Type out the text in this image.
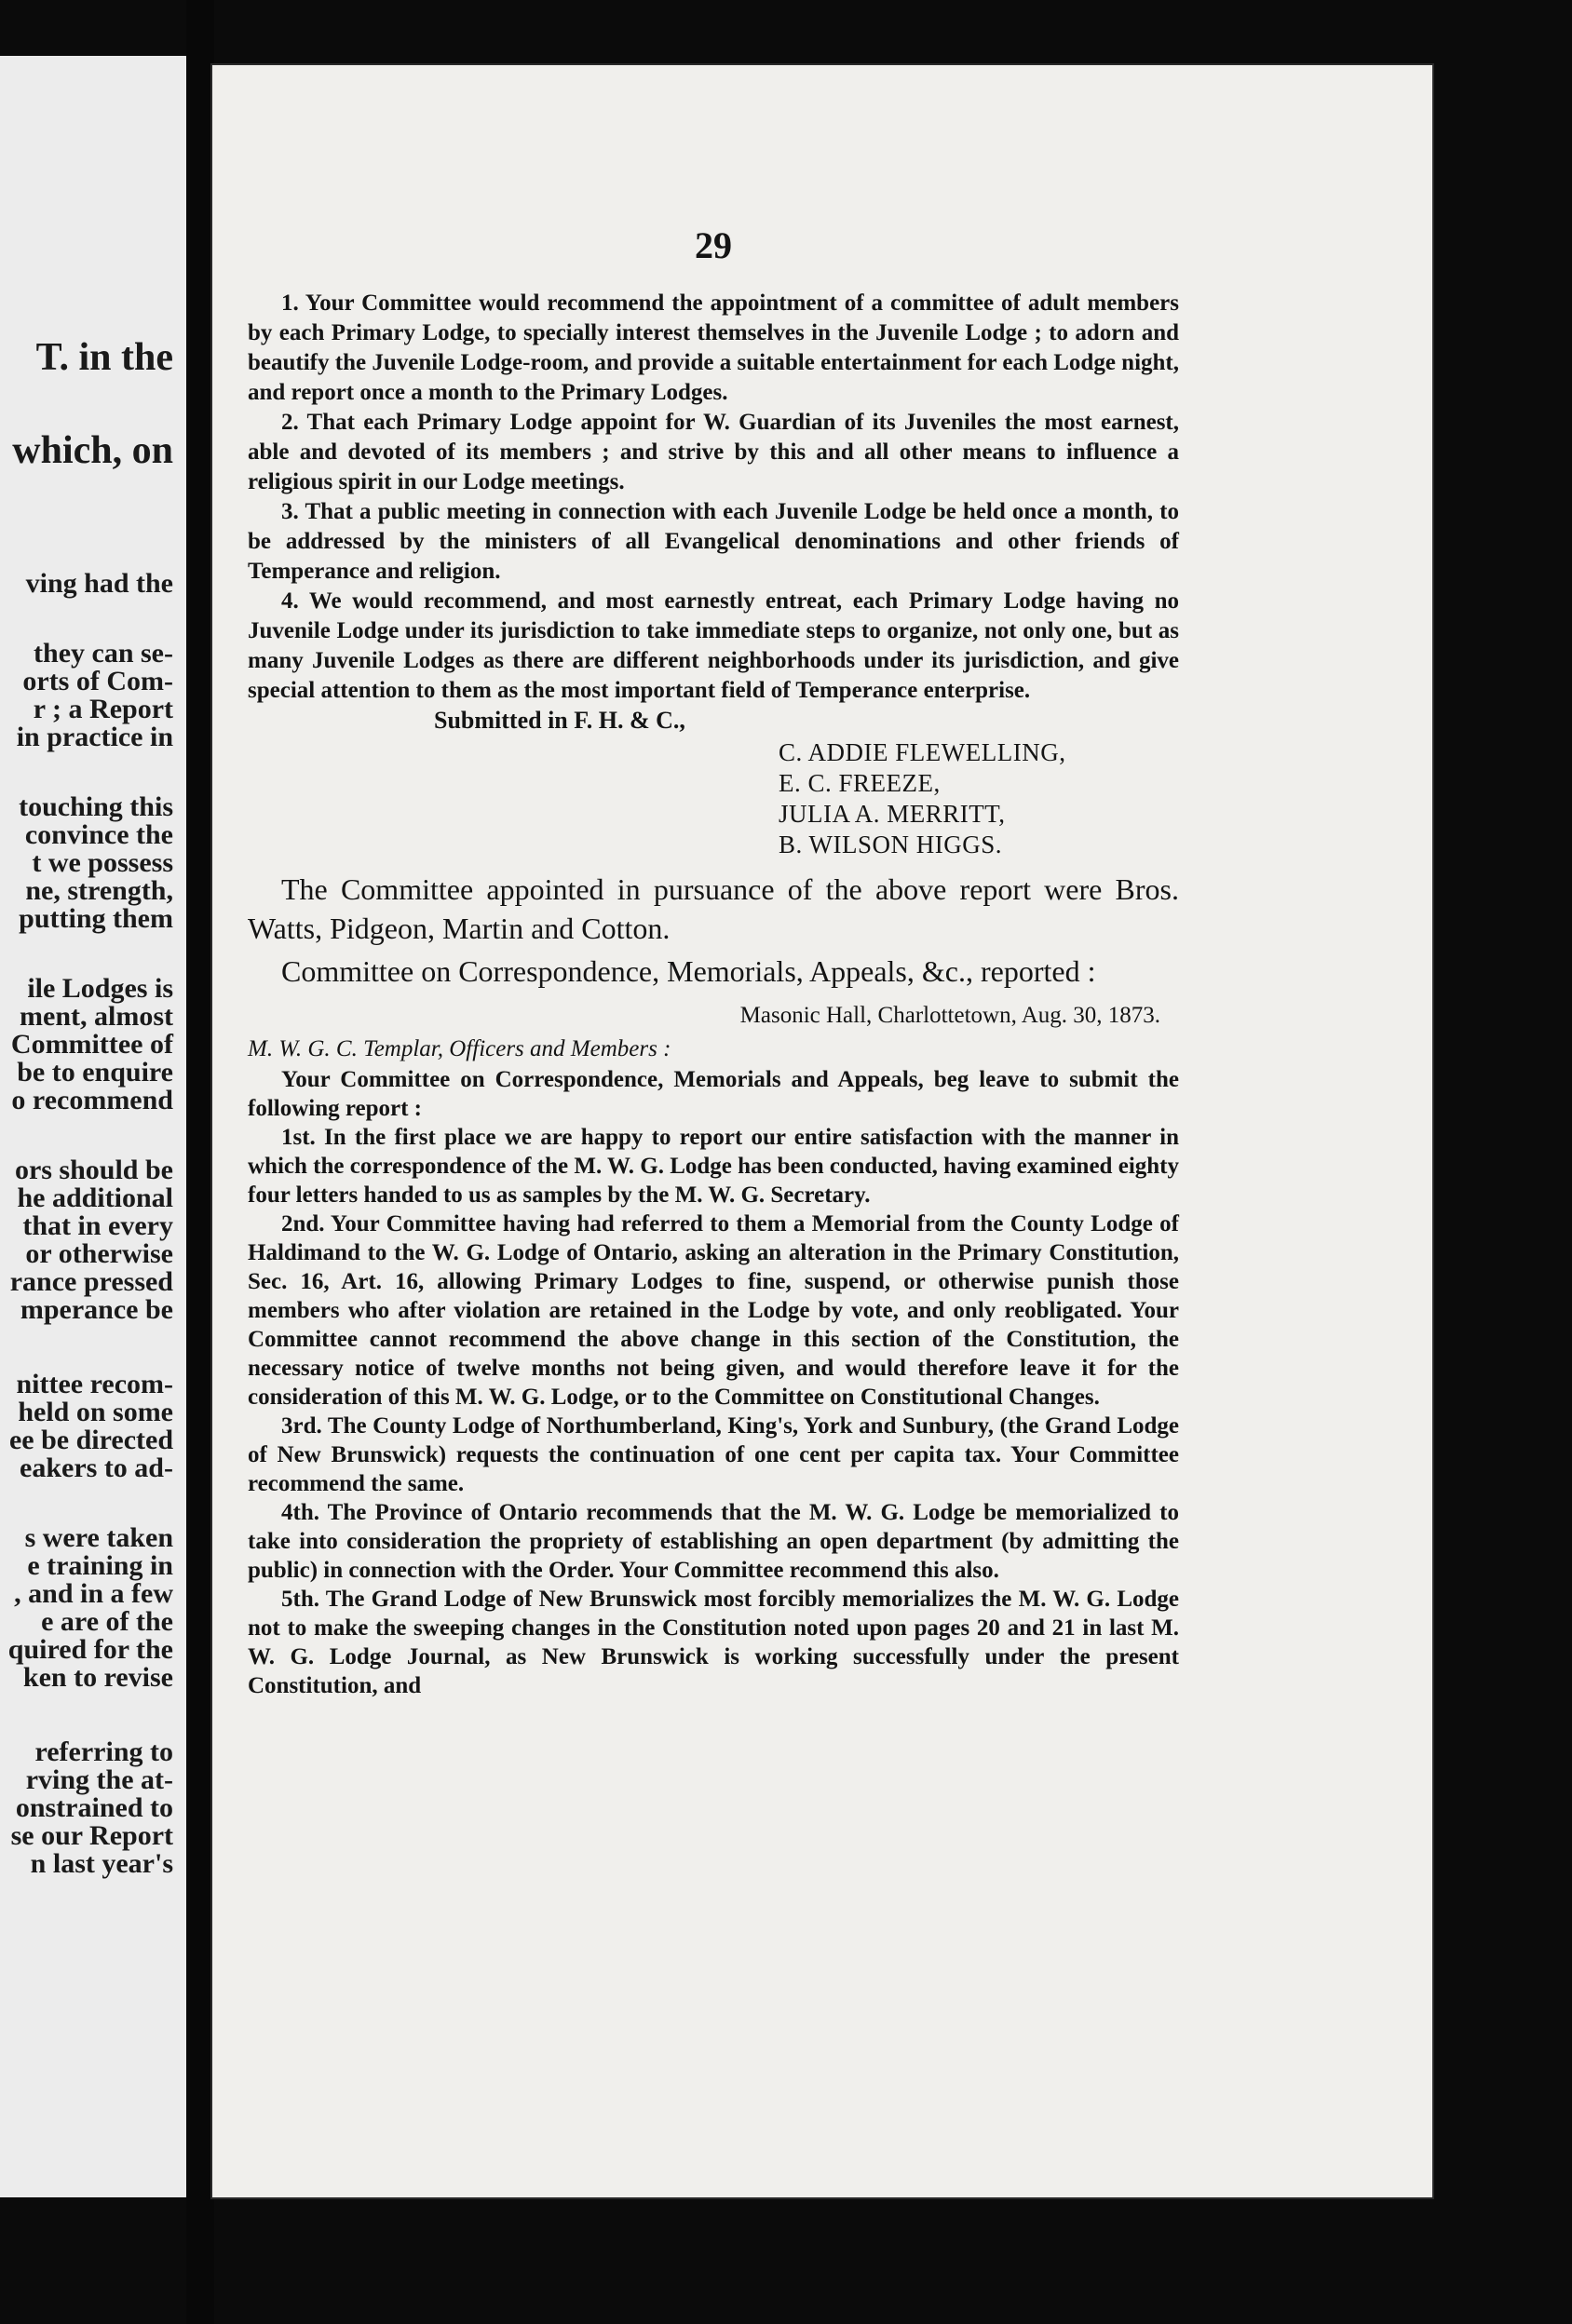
T. in the
which, on
ving had the
they can se-
orts of Com-
r ; a Report
in practice in
touching this
convince the
t we possess
ne, strength,
putting them
ile Lodges is
ment, almost
Committee of
be to enquire
o recommend
ors should be
he additional
that in every
or otherwise
rance pressed
mperance be
nittee recom-
held on some
ee be directed
eakers to ad-
s were taken
e training in
, and in a few
e are of the
quired for the
ken to revise
referring to
rving the at-
onstrained to
se our Report
n last year's
29

1. Your Committee would recommend the appointment of a committee of adult members by each Primary Lodge, to specially interest themselves in the Juvenile Lodge ; to adorn and beautify the Juvenile Lodge-room, and provide a suitable entertainment for each Lodge night, and report once a month to the Primary Lodges.

2. That each Primary Lodge appoint for W. Guardian of its Juveniles the most earnest, able and devoted of its members ; and strive by this and all other means to influence a religious spirit in our Lodge meetings.

3. That a public meeting in connection with each Juvenile Lodge be held once a month, to be addressed by the ministers of all Evangelical denominations and other friends of Temperance and religion.

4. We would recommend, and most earnestly entreat, each Primary Lodge having no Juvenile Lodge under its jurisdiction to take immediate steps to organize, not only one, but as many Juvenile Lodges as there are different neighborhoods under its jurisdiction, and give special attention to them as the most important field of Temperance enterprise.

Submitted in F. H. & C.,
C. ADDIE FLEWELLING,
E. C. FREEZE,
JULIA A. MERRITT,
B. WILSON HIGGS.

The Committee appointed in pursuance of the above report were Bros. Watts, Pidgeon, Martin and Cotton.

Committee on Correspondence, Memorials, Appeals, &c., reported :

Masonic Hall, Charlottetown, Aug. 30, 1873.

M. W. G. C. Templar, Officers and Members :

Your Committee on Correspondence, Memorials and Appeals, beg leave to submit the following report :

1st. In the first place we are happy to report our entire satisfaction with the manner in which the correspondence of the M. W. G. Lodge has been conducted, having examined eighty four letters handed to us as samples by the M. W. G. Secretary.

2nd. Your Committee having had referred to them a Memorial from the County Lodge of Haldimand to the W. G. Lodge of Ontario, asking an alteration in the Primary Constitution, Sec. 16, Art. 16, allowing Primary Lodges to fine, suspend, or otherwise punish those members who after violation are retained in the Lodge by vote, and only reobligated. Your Committee cannot recommend the above change in this section of the Constitution, the necessary notice of twelve months not being given, and would therefore leave it for the consideration of this M. W. G. Lodge, or to the Committee on Constitutional Changes.

3rd. The County Lodge of Northumberland, King's, York and Sunbury, (the Grand Lodge of New Brunswick) requests the continuation of one cent per capita tax. Your Committee recommend the same.

4th. The Province of Ontario recommends that the M. W. G. Lodge be memorialized to take into consideration the propriety of establishing an open department (by admitting the public) in connection with the Order. Your Committee recommend this also.

5th. The Grand Lodge of New Brunswick most forcibly memorializes the M. W. G. Lodge not to make the sweeping changes in the Constitution noted upon pages 20 and 21 in last M. W. G. Lodge Journal, as New Brunswick is working successfully under the present Constitution, and
